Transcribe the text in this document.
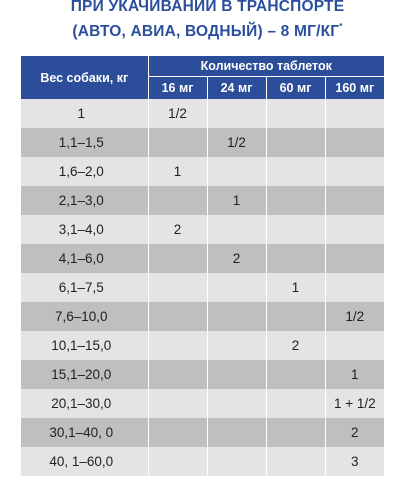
ПРИ УКАЧИВАНИИ В ТРАНСПОРТЕ
(АВТО, АВИА, ВОДНЫЙ) – 8 МГ/КГ*
Вес собаки, кг	Количество таблеток			
	16 мг	24 мг	60 мг	160 мг
1	1/2			
1,1–1,5		1/2		
1,6–2,0	1			
2,1–3,0		1		
3,1–4,0	2			
4,1–6,0		2		
6,1–7,5			1	
7,6–10,0				1/2
10,1–15,0			2	
15,1–20,0				1
20,1–30,0				1 + 1/2
30,1–40, 0				2
40, 1–60,0				3
